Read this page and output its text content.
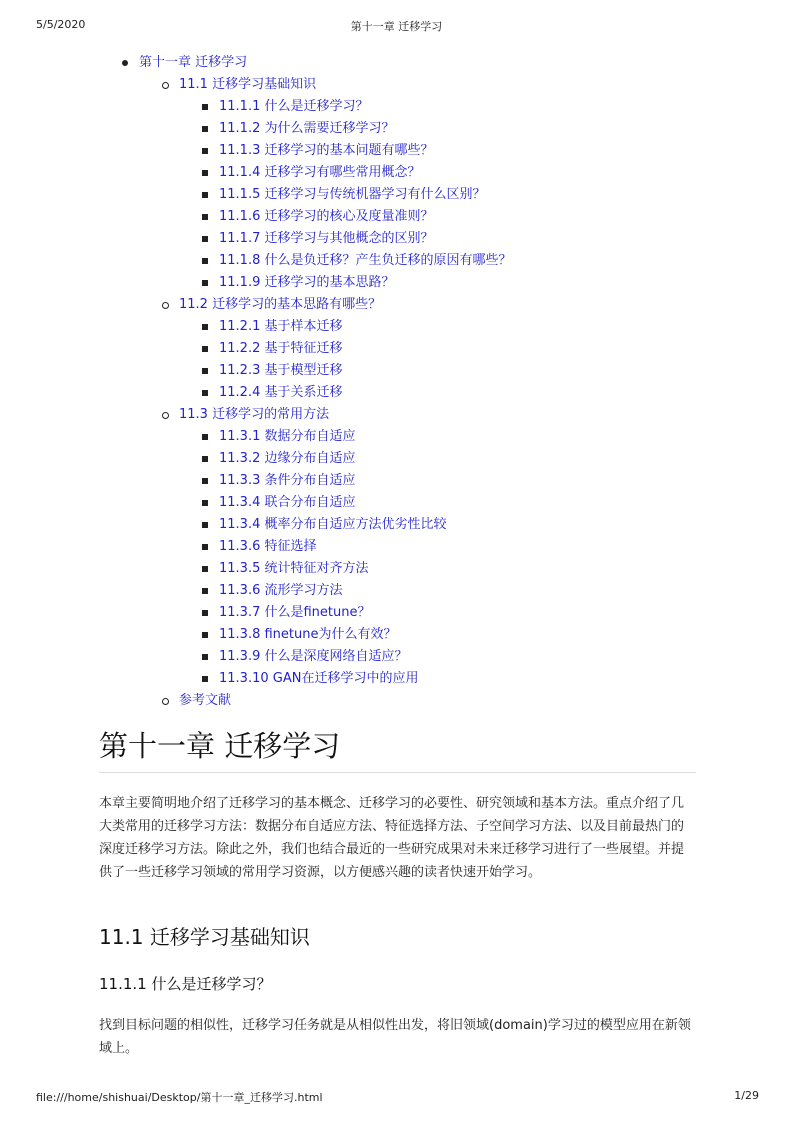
5/5/2020	第十一章 迁移学习
第十一章 迁移学习
11.1 迁移学习基础知识
11.1.1 什么是迁移学习？
11.1.2 为什么需要迁移学习？
11.1.3 迁移学习的基本问题有哪些？
11.1.4 迁移学习有哪些常用概念？
11.1.5 迁移学习与传统机器学习有什么区别？
11.1.6 迁移学习的核心及度量准则？
11.1.7 迁移学习与其他概念的区别？
11.1.8 什么是负迁移？产生负迁移的原因有哪些？
11.1.9 迁移学习的基本思路？
11.2 迁移学习的基本思路有哪些？
11.2.1 基于样本迁移
11.2.2 基于特征迁移
11.2.3 基于模型迁移
11.2.4 基于关系迁移
11.3 迁移学习的常用方法
11.3.1 数据分布自适应
11.3.2 边缘分布自适应
11.3.3 条件分布自适应
11.3.4 联合分布自适应
11.3.4 概率分布自适应方法优劣性比较
11.3.6 特征选择
11.3.5 统计特征对齐方法
11.3.6 流形学习方法
11.3.7 什么是finetune？
11.3.8 finetune为什么有效？
11.3.9 什么是深度网络自适应？
11.3.10 GAN在迁移学习中的应用
参考文献
第十一章 迁移学习
本章主要简明地介绍了迁移学习的基本概念、迁移学习的必要性、研究领域和基本方法。重点介绍了几大类常用的迁移学习方法：数据分布自适应方法、特征选择方法、子空间学习方法、以及目前最热门的深度迁移学习方法。除此之外，我们也结合最近的一些研究成果对未来迁移学习进行了一些展望。并提供了一些迁移学习领域的常用学习资源，以方便感兴趣的读者快速开始学习。
11.1 迁移学习基础知识
11.1.1 什么是迁移学习？
找到目标问题的相似性，迁移学习任务就是从相似性出发，将旧领域(domain)学习过的模型应用在新领域上。
file:///home/shishuai/Desktop/第十一章_迁移学习.html	1/29
